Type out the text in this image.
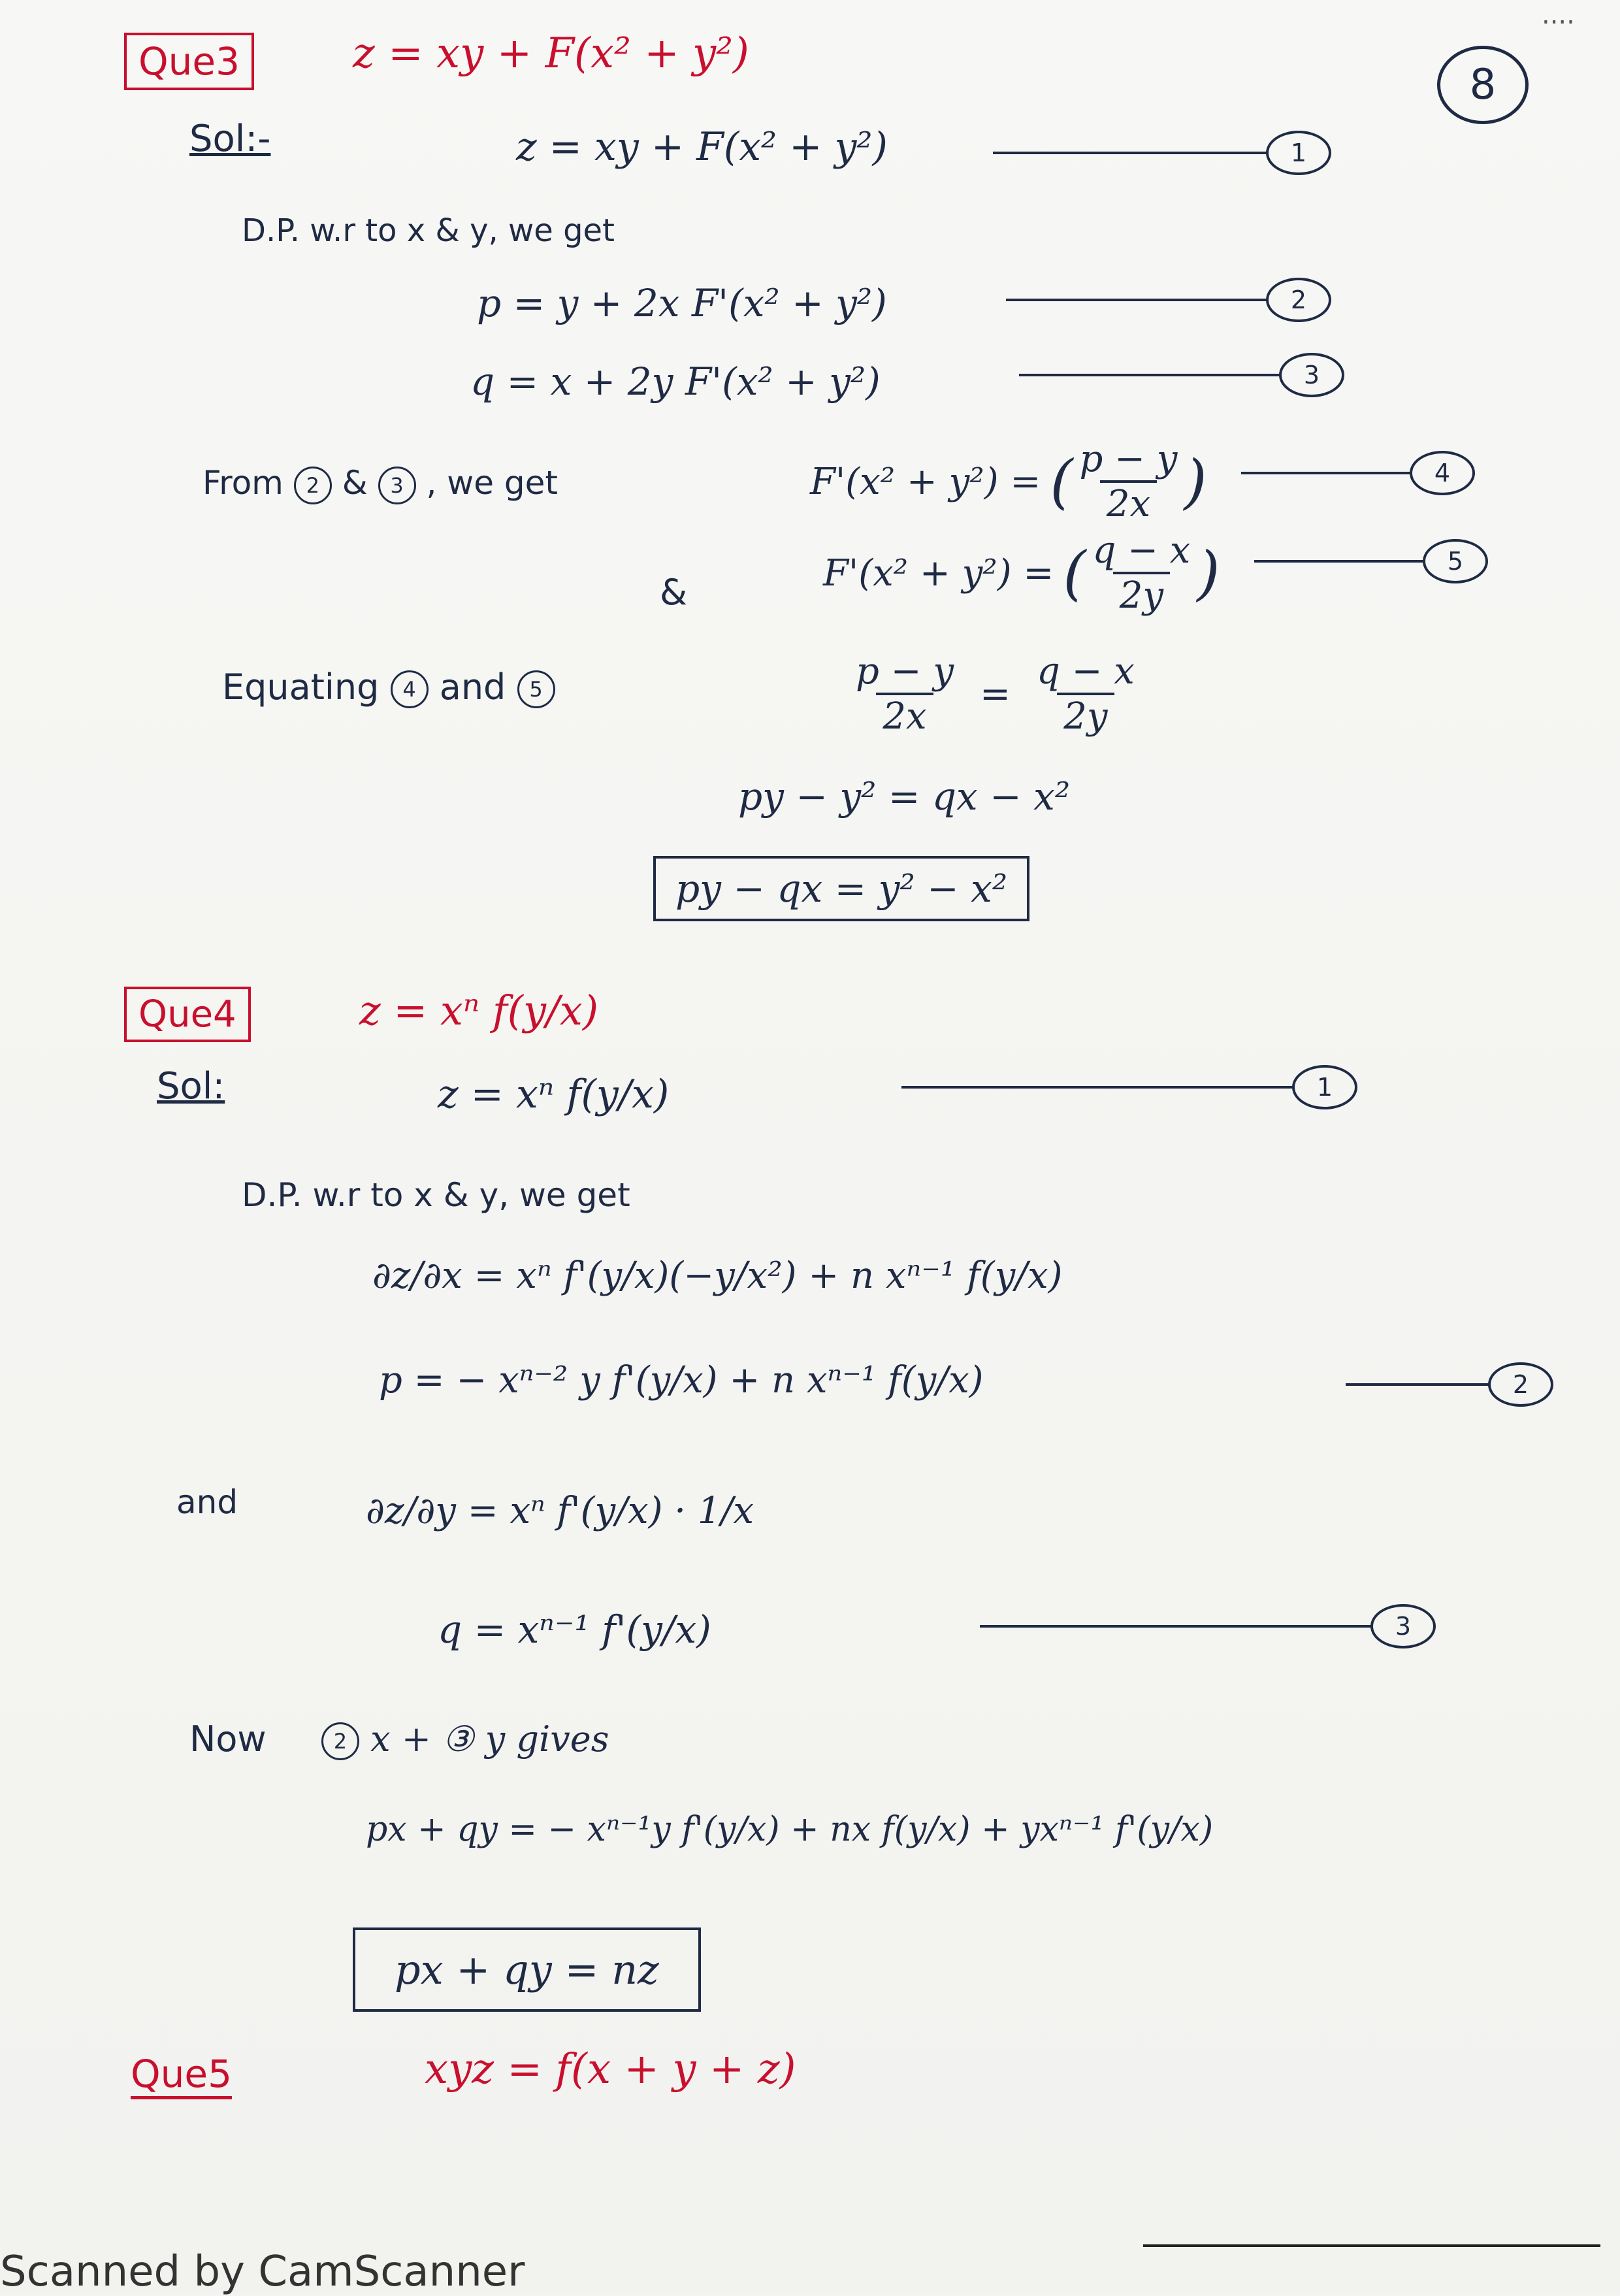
....
8
Que3	z = xy + F(x² + y²)
Sol:-	z = xy + F(x² + y²)	1
D.P. w.r to x & y, we get
p = y + 2x F'(x² + y²)	2
q = x + 2y F'(x² + y²)	3
From 2 & 3 , we get	F'(x² + y²) = ( $\frac{p - y}{2x}$ )	4
&	F'(x² + y²) = ( $\frac{q - x}{2y}$ )	5
Equating 4 and 5	$\frac{p - y}{2x} = \frac{q - x}{2y}$
py − y² = qx − x²
py − qx = y² − x²
Que4	z = xⁿ f(y/x)
Sol:	z = xⁿ f(y/x)	1
D.P. w.r to x & y, we get
∂z/∂x = xⁿ f'(y/x)(−y/x²) + n xⁿ⁻¹ f(y/x)
p = − xⁿ⁻² y f'(y/x) + n xⁿ⁻¹ f(y/x)	2
and	∂z/∂y = xⁿ f'(y/x) · 1/x
q = xⁿ⁻¹ f'(y/x)	3
Now	2 x + ③ y gives
px + qy = − xⁿ⁻¹y f'(y/x) + nx f(y/x) + yxⁿ⁻¹ f'(y/x)
px + qy = nz
Que5	xyz = f(x + y + z)
Scanned by CamScanner
